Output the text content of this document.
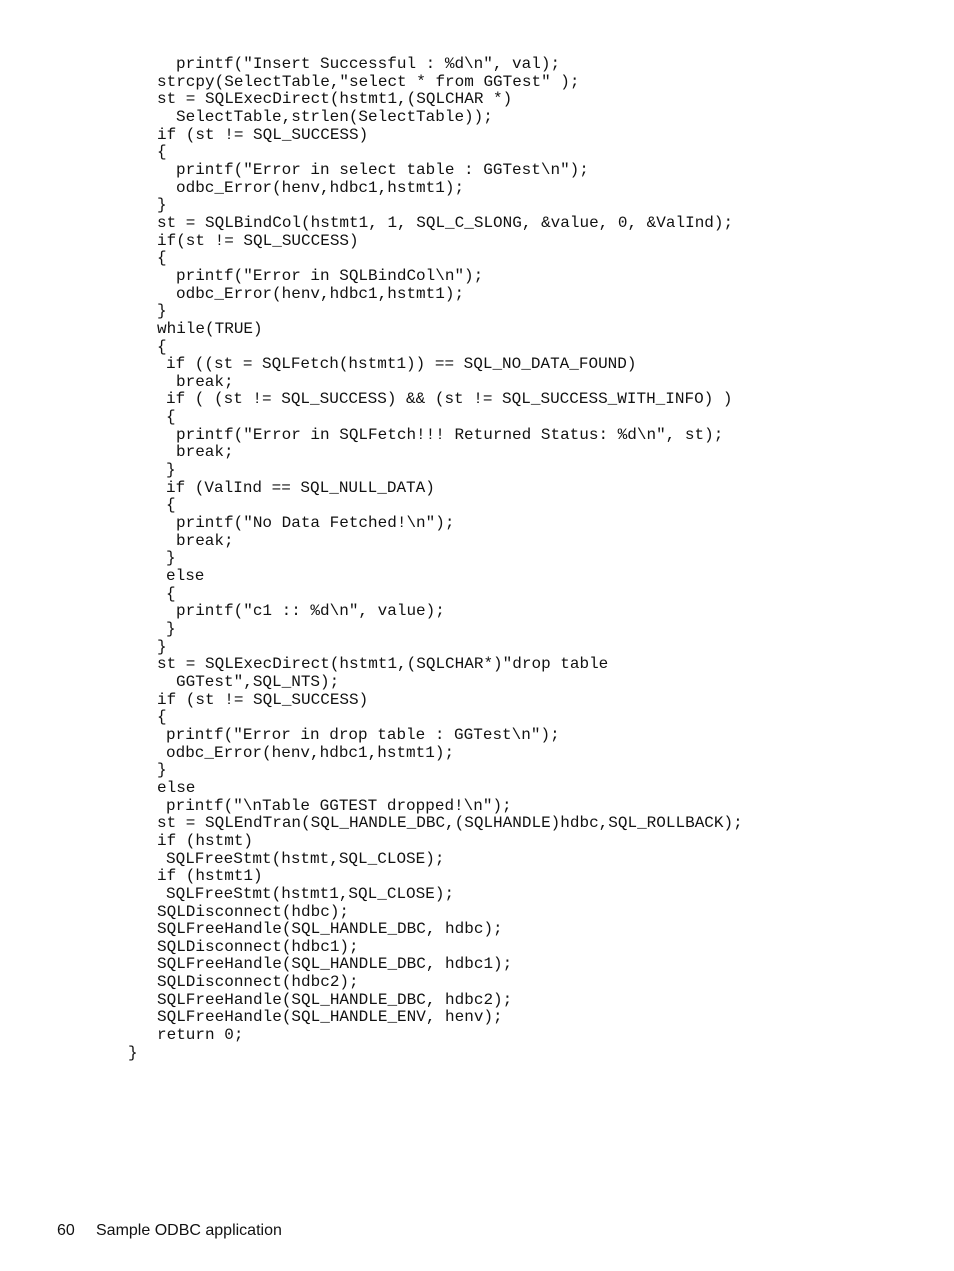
printf("Insert Successful : %d\n", val);
strcpy(SelectTable,"select * from GGTest" );
st = SQLExecDirect(hstmt1,(SQLCHAR *)
SelectTable,strlen(SelectTable));
if (st != SQL_SUCCESS)
{
printf("Error in select table : GGTest\n");
odbc_Error(henv,hdbc1,hstmt1);
}
st = SQLBindCol(hstmt1, 1, SQL_C_SLONG, &value, 0, &ValInd);
if(st != SQL_SUCCESS)
{
printf("Error in SQLBindCol\n");
odbc_Error(henv,hdbc1,hstmt1);
}
while(TRUE)
{
if ((st = SQLFetch(hstmt1)) == SQL_NO_DATA_FOUND)
break;
if ( (st != SQL_SUCCESS) && (st != SQL_SUCCESS_WITH_INFO) )
{
printf("Error in SQLFetch!!! Returned Status: %d\n", st);
break;
}
if (ValInd == SQL_NULL_DATA)
{
printf("No Data Fetched!\n");
break;
}
else
{
printf("c1 :: %d\n", value);
}
}
st = SQLExecDirect(hstmt1,(SQLCHAR*)"drop table
GGTest",SQL_NTS);
if (st != SQL_SUCCESS)
{
printf("Error in drop table : GGTest\n");
odbc_Error(henv,hdbc1,hstmt1);
}
else
printf("\nTable GGTEST dropped!\n");
st = SQLEndTran(SQL_HANDLE_DBC,(SQLHANDLE)hdbc,SQL_ROLLBACK);
if (hstmt)
SQLFreeStmt(hstmt,SQL_CLOSE);
if (hstmt1)
SQLFreeStmt(hstmt1,SQL_CLOSE);
SQLDisconnect(hdbc);
SQLFreeHandle(SQL_HANDLE_DBC, hdbc);
SQLDisconnect(hdbc1);
SQLFreeHandle(SQL_HANDLE_DBC, hdbc1);
SQLDisconnect(hdbc2);
SQLFreeHandle(SQL_HANDLE_DBC, hdbc2);
SQLFreeHandle(SQL_HANDLE_ENV, henv);
return 0;
}
60 Sample ODBC application
